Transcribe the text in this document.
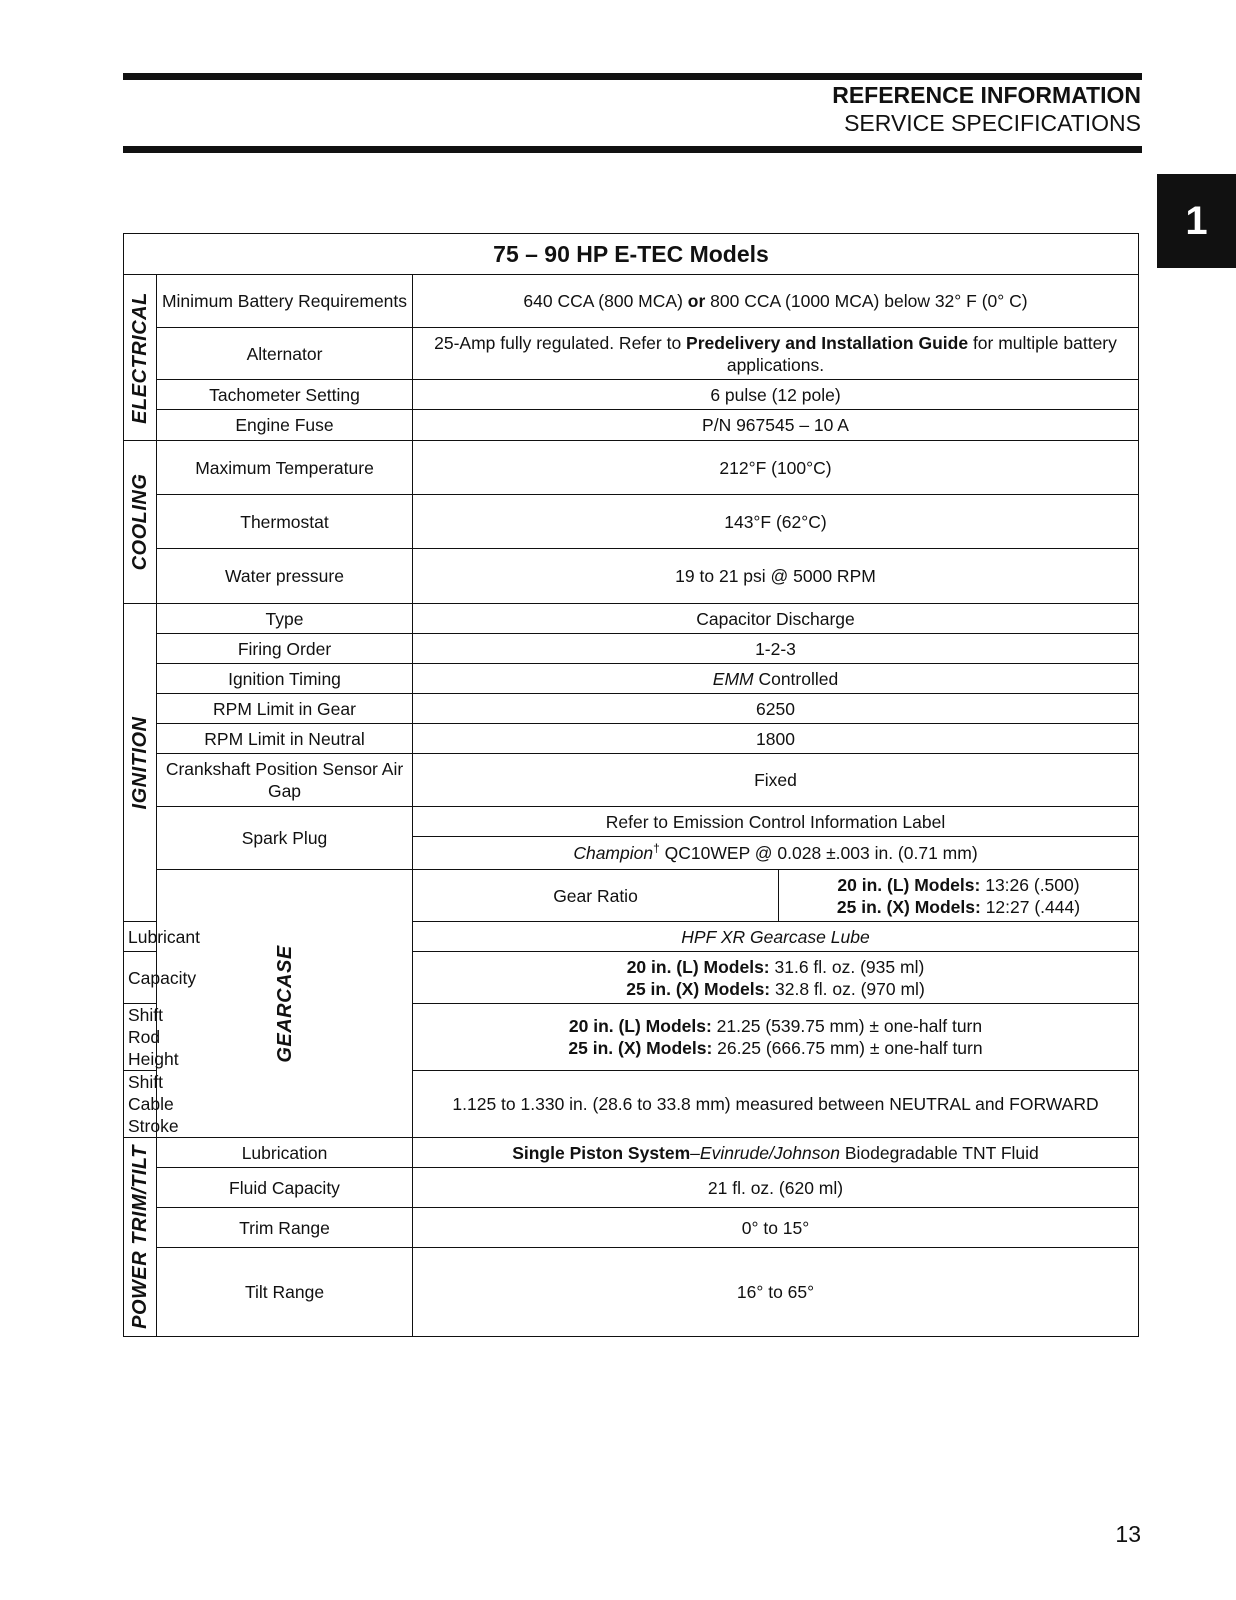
REFERENCE INFORMATION
SERVICE SPECIFICATIONS
1
75 – 90 HP E-TEC Models				

ELECTRICAL	Minimum Battery Requirements	640 CCA (800 MCA) or 800 CCA (1000 MCA) below 32° F (0° C)		
	Alternator	25-Amp fully regulated. Refer to Predelivery and Installation Guide for multiple battery applications.		
	Tachometer Setting	6 pulse (12 pole)		
	Engine Fuse	P/N 967545 – 10 A		

COOLING	Maximum Temperature	212°F (100°C)		
	Thermostat	143°F (62°C)		
	Water pressure	19 to 21 psi @ 5000 RPM		

IGNITION	Type	Capacitor Discharge		
	Firing Order	1-2-3		
	Ignition Timing	EMM Controlled		
	RPM Limit in Gear	6250		
	RPM Limit in Neutral	1800		
	Crankshaft Position Sensor Air Gap	Fixed		
	Spark Plug	Refer to Emission Control Information Label		
		Champion† QC10WEP @ 0.028 ±.003 in. (0.71 mm)		

	GEARCASE	Gear Ratio	20 in. (L) Models: 13:26 (.500)
25 in. (X) Models: 12:27 (.444)

Lubricant		HPF XR Gearcase Lube		
Capacity		20 in. (L) Models: 31.6 fl. oz. (935 ml)
25 in. (X) Models: 32.8 fl. oz. (970 ml)		

Shift Rod Height		20 in. (L) Models: 21.25 (539.75 mm) ± one-half turn
25 in. (X) Models: 26.25 (666.75 mm) ± one-half turn		

Shift Cable Stroke		1.125 to 1.330 in. (28.6 to 33.8 mm) measured between NEUTRAL and FORWARD		

POWER TRIM/TILT	Lubrication	Single Piston System–Evinrude/Johnson Biodegradable TNT Fluid		
	Fluid Capacity	21 fl. oz. (620 ml)		
	Trim Range	0° to 15°		
	Tilt Range	16° to 65°		
13
